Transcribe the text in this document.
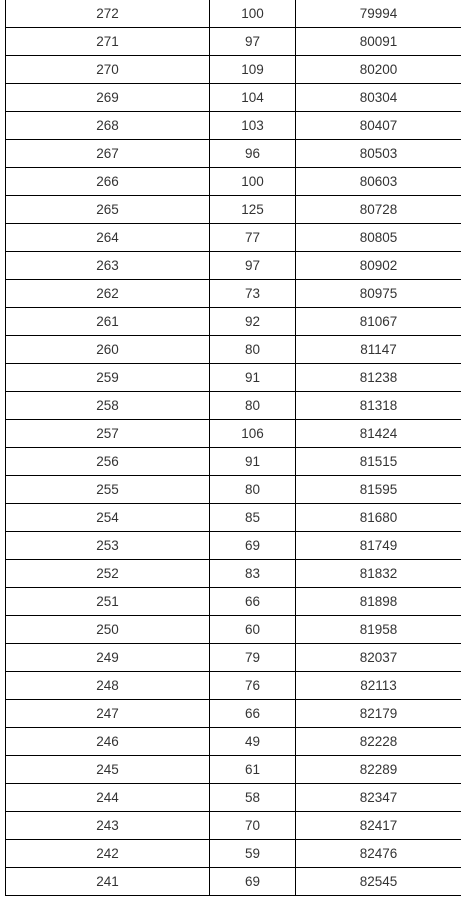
272	100	79994
271	97	80091
270	109	80200
269	104	80304
268	103	80407
267	96	80503
266	100	80603
265	125	80728
264	77	80805
263	97	80902
262	73	80975
261	92	81067
260	80	81147
259	91	81238
258	80	81318
257	106	81424
256	91	81515
255	80	81595
254	85	81680
253	69	81749
252	83	81832
251	66	81898
250	60	81958
249	79	82037
248	76	82113
247	66	82179
246	49	82228
245	61	82289
244	58	82347
243	70	82417
242	59	82476
241	69	82545
